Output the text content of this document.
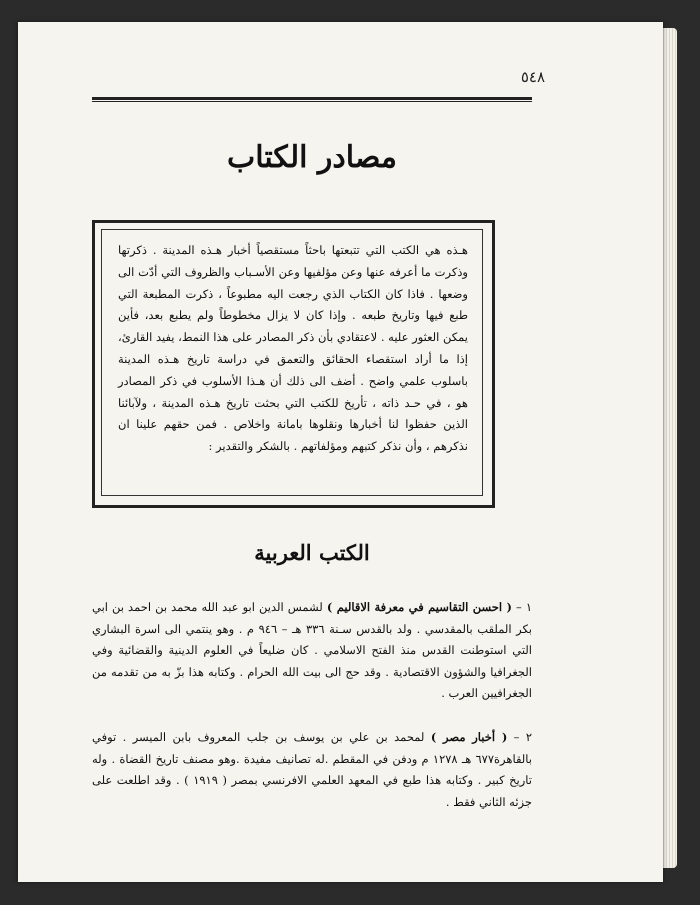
٥٤٨
مصادر الكتاب
هـذه هي الكتب التي تتبعتها باحثاً مستقصياً أخبار هـذه المدينة . ذكرتها وذكرت ما أعرفه عنها وعن مؤلفيها وعن الأسـباب والظروف التي أدّت الى وضعها . فاذا كان الكتاب الذي رجعت اليه مطبوعاً ، ذكرت المطبعة التي طبع فيها وتاريخ طبعه . وإذا كان لا يزال مخطوطاً ولم يطبع بعد، فأين يمكن العثور عليه . لاعتقادي بأن ذكر المصادر على هذا النمط، يفيد القارئ، إذا ما أراد استقصاء الحقائق والتعمق في دراسة تاريخ هـذه المدينة باسلوب علمي واضح . أضف الى ذلك أن هـذا الأسلوب في ذكر المصادر هو ، في حـد ذاته ، تأريخ للكتب التي بحثت تاريخ هـذه المدينة ، ولآبائنا الذين حفظوا لنا أخبارها ونقلوها بامانة واخلاص . فمن حقهم علينا ان نذكرهم ، وأن نذكر كتبهم ومؤلفاتهم . بالشكر والتقدير :
الكتب العربية
١ – ( احسن التقاسيم في معرفة الاقاليم ) لشمس الدين ابو عبد الله محمد بن احمد بن ابي بكر الملقب بالمقدسي . ولد بالقدس سـنة ٣٣٦ هـ – ٩٤٦ م . وهو ينتمي الى اسرة البشاري التي استوطنت القدس منذ الفتح الاسلامي . كان ضليعاً في العلوم الدينية والقضائية وفي الجغرافيا والشؤون الاقتصادية . وقد حج الى بيت الله الحرام . وكتابه هذا بزّ به من تقدمه من الجغرافيين العرب .
٢ – ( أخبار مصر ) لمحمد بن علي بن يوسف بن جلب المعروف بابن الميسر . توفي بالقاهرة٦٧٧ هـ ١٢٧٨ م ودفن في المقطم .له تصانيف مفيدة .وهو مصنف تاريخ القضاة . وله تاريخ كبير . وكتابه هذا طبع في المعهد العلمي الافرنسي بمصر ( ١٩١٩ ) . وقد اطلعت على جزئه الثاني فقط .
